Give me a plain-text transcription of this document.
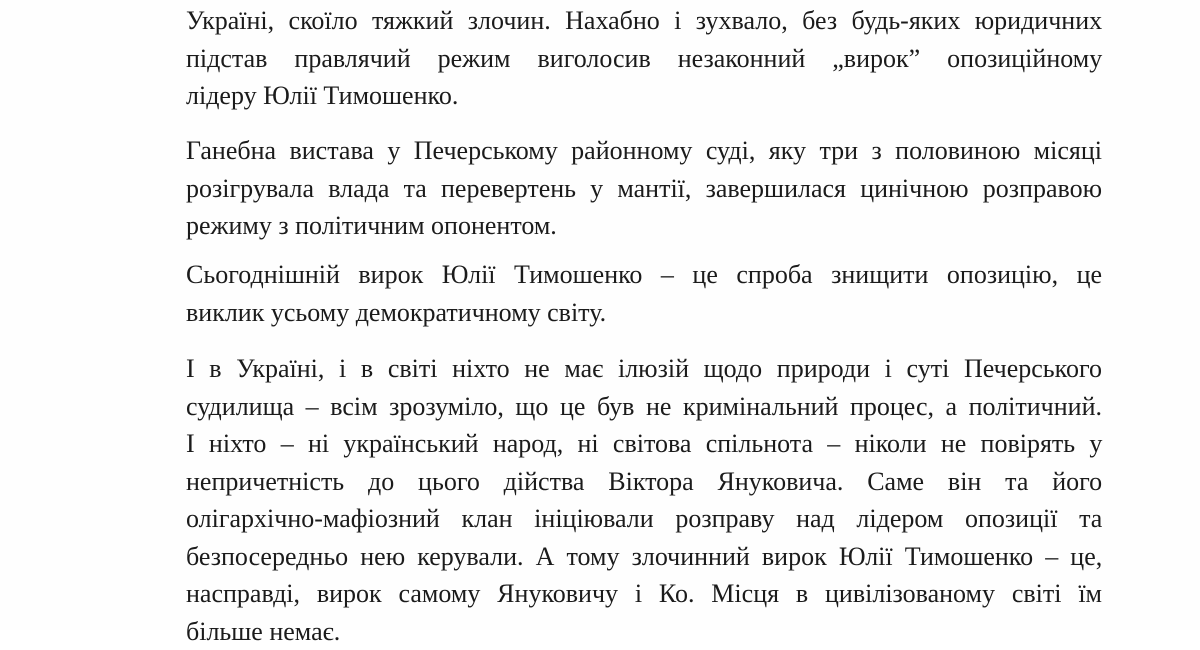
Україні, скоїло тяжкий злочин. Нахабно і зухвало, без будь-яких юридичних
підстав правлячий режим виголосив незаконний „вирок” опозиційному
лідеру Юлії Тимошенко.
Ганебна вистава у Печерському районному суді, яку три з половиною місяці
розігрувала влада та перевертень у мантії, завершилася цинічною розправою
режиму з політичним опонентом.
Сьогоднішній вирок Юлії Тимошенко – це спроба знищити опозицію, це
виклик усьому демократичному світу.
І в Україні, і в світі ніхто не має ілюзій щодо природи і суті Печерського
судилища – всім зрозуміло, що це був не кримінальний процес, а політичний.
І ніхто – ні український народ, ні світова спільнота – ніколи не повірять у
непричетність до цього дійства Віктора Януковича. Саме він та його
олігархічно-мафіозний клан ініціювали розправу над лідером опозиції та
безпосередньо нею керували. А тому злочинний вирок Юлії Тимошенко – це,
насправді, вирок самому Януковичу і Ко. Місця в цивілізованому світі їм
більше немає.
